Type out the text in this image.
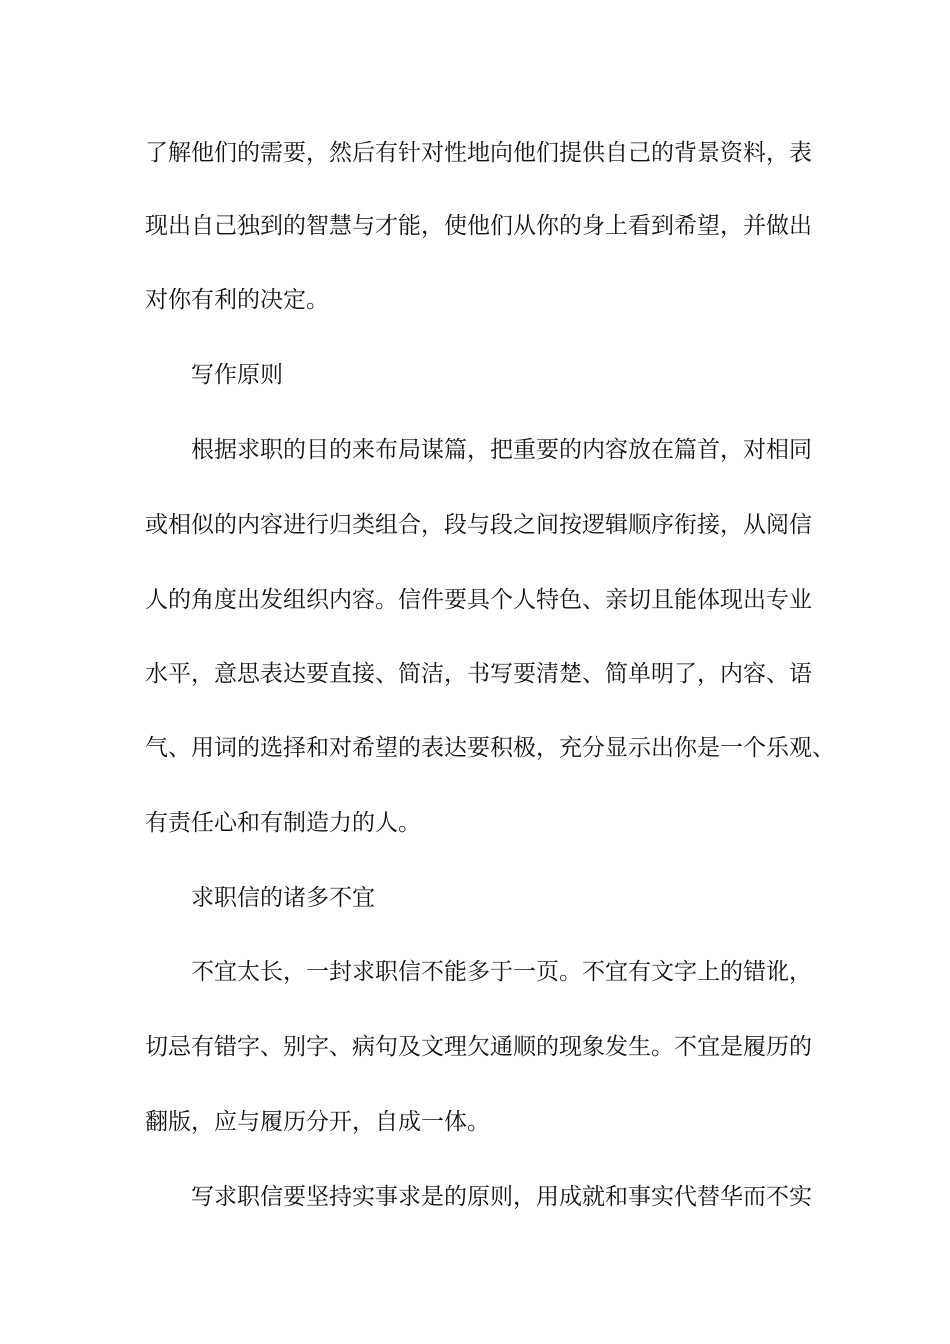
了解他们的需要，然后有针对性地向他们提供自己的背景资料，表
现出自己独到的智慧与才能，使他们从你的身上看到希望，并做出
对你有利的决定。
写作原则
根据求职的目的来布局谋篇，把重要的内容放在篇首，对相同
或相似的内容进行归类组合，段与段之间按逻辑顺序衔接，从阅信
人的角度出发组织内容。信件要具个人特色、亲切且能体现出专业
水平，意思表达要直接、简洁，书写要清楚、简单明了，内容、语
气、用词的选择和对希望的表达要积极，充分显示出你是一个乐观、
有责任心和有制造力的人。
求职信的诸多不宜
不宜太长，一封求职信不能多于一页。不宜有文字上的错讹，
切忌有错字、别字、病句及文理欠通顺的现象发生。不宜是履历的
翻版，应与履历分开，自成一体。
写求职信要坚持实事求是的原则，用成就和事实代替华而不实
